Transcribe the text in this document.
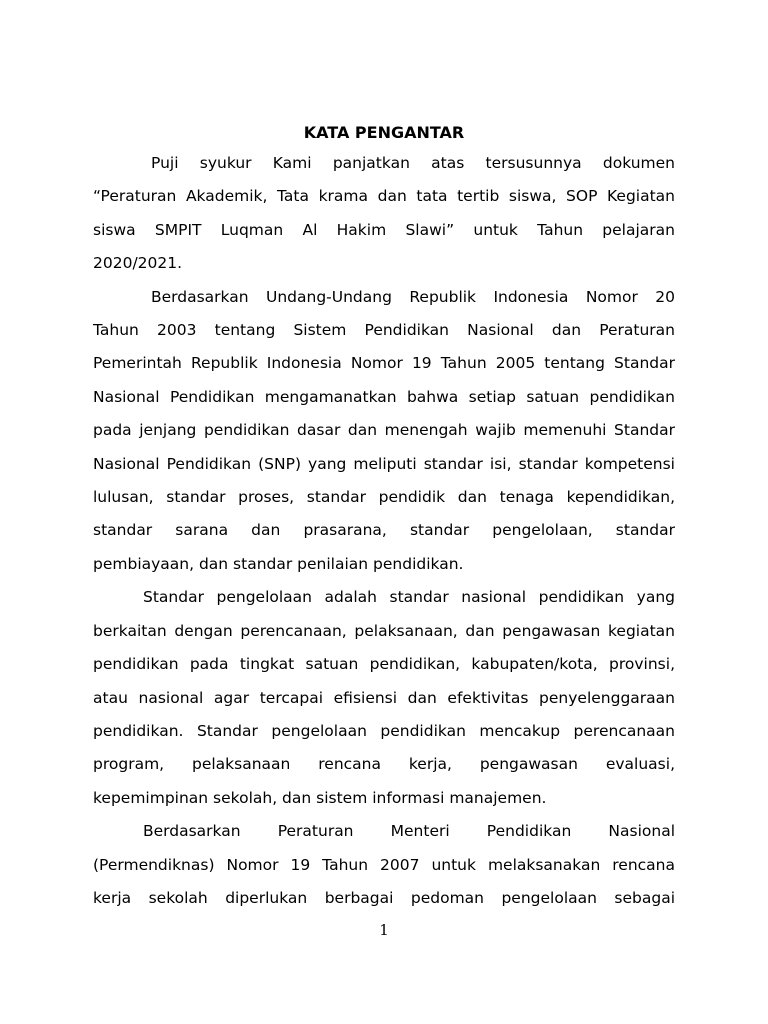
KATA PENGANTAR

Puji syukur Kami panjatkan atas tersusunnya dokumen
“Peraturan Akademik, Tata krama dan tata tertib siswa, SOP Kegiatan
siswa SMPIT Luqman Al Hakim Slawi” untuk Tahun pelajaran
2020/2021.

Berdasarkan Undang-Undang Republik Indonesia Nomor 20
Tahun 2003 tentang Sistem Pendidikan Nasional dan Peraturan
Pemerintah Republik Indonesia Nomor 19 Tahun 2005 tentang Standar
Nasional Pendidikan mengamanatkan bahwa setiap satuan pendidikan
pada jenjang pendidikan dasar dan menengah wajib memenuhi Standar
Nasional Pendidikan (SNP) yang meliputi standar isi, standar kompetensi
lulusan, standar proses, standar pendidik dan tenaga kependidikan,
standar sarana dan prasarana, standar pengelolaan, standar
pembiayaan, dan standar penilaian pendidikan.

Standar pengelolaan adalah standar nasional pendidikan yang
berkaitan dengan perencanaan, pelaksanaan, dan pengawasan kegiatan
pendidikan pada tingkat satuan pendidikan, kabupaten/kota, provinsi,
atau nasional agar tercapai efisiensi dan efektivitas penyelenggaraan
pendidikan. Standar pengelolaan pendidikan mencakup perencanaan
program, pelaksanaan rencana kerja, pengawasan evaluasi,
kepemimpinan sekolah, dan sistem informasi manajemen.

Berdasarkan Peraturan Menteri Pendidikan Nasional
(Permendiknas) Nomor 19 Tahun 2007 untuk melaksanakan rencana
kerja sekolah diperlukan berbagai pedoman pengelolaan sebagai

1
